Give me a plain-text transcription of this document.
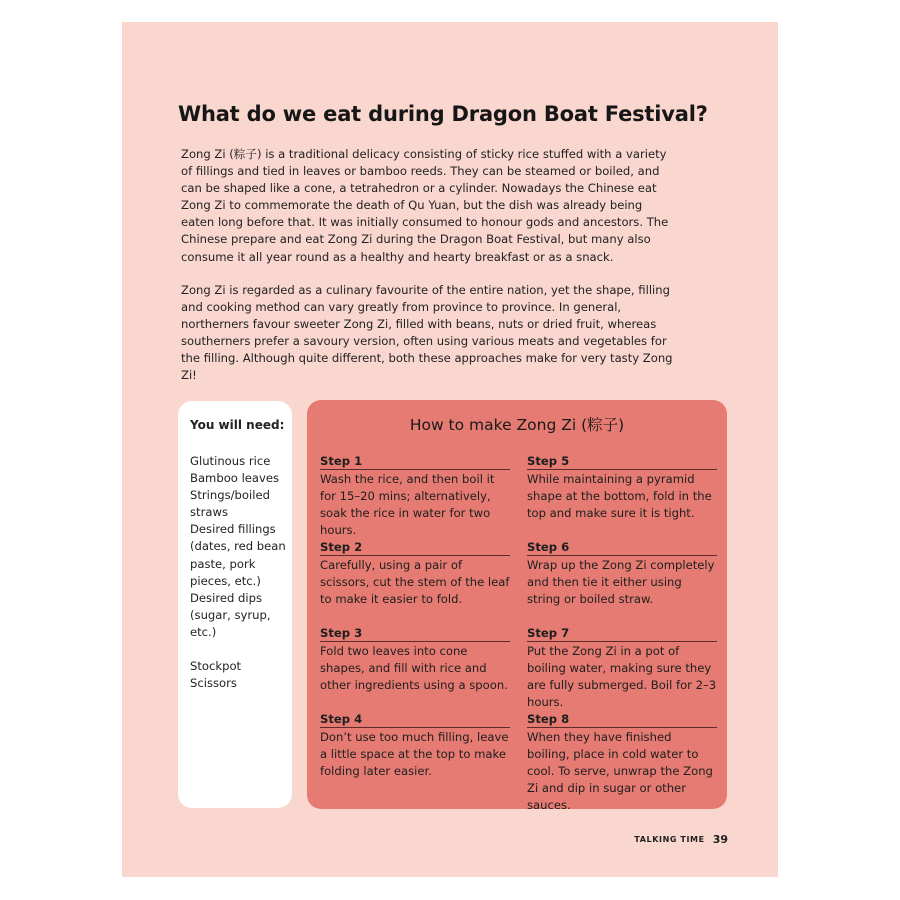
What do we eat during Dragon Boat Festival?
Zong Zi (粽子) is a traditional delicacy consisting of sticky rice stuffed with a variety of fillings and tied in leaves or bamboo reeds. They can be steamed or boiled, and can be shaped like a cone, a tetrahedron or a cylinder. Nowadays the Chinese eat Zong Zi to commemorate the death of Qu Yuan, but the dish was already being eaten long before that. It was initially consumed to honour gods and ancestors. The Chinese prepare and eat Zong Zi during the Dragon Boat Festival, but many also consume it all year round as a healthy and hearty breakfast or as a snack.
Zong Zi is regarded as a culinary favourite of the entire nation, yet the shape, filling and cooking method can vary greatly from province to province. In general, northerners favour sweeter Zong Zi, filled with beans, nuts or dried fruit, whereas southerners prefer a savoury version, often using various meats and vegetables for the filling. Although quite different, both these approaches make for very tasty Zong Zi!
You will need:
Glutinous rice
Bamboo leaves
Strings/boiled straws
Desired fillings (dates, red bean paste, pork pieces, etc.)
Desired dips (sugar, syrup, etc.)
Stockpot
Scissors
How to make Zong Zi (粽子)
Step 1
Wash the rice, and then boil it for 15–20 mins; alternatively, soak the rice in water for two hours.
Step 2
Carefully, using a pair of scissors, cut the stem of the leaf to make it easier to fold.
Step 3
Fold two leaves into cone shapes, and fill with rice and other ingredients using a spoon.
Step 4
Don’t use too much filling, leave a little space at the top to make folding later easier.
Step 5
While maintaining a pyramid shape at the bottom, fold in the top and make sure it is tight.
Step 6
Wrap up the Zong Zi completely and then tie it either using string or boiled straw.
Step 7
Put the Zong Zi in a pot of boiling water, making sure they are fully submerged. Boil for 2–3 hours.
Step 8
When they have finished boiling, place in cold water to cool. To serve, unwrap the Zong Zi and dip in sugar or other sauces.
TALKING TIME 39
